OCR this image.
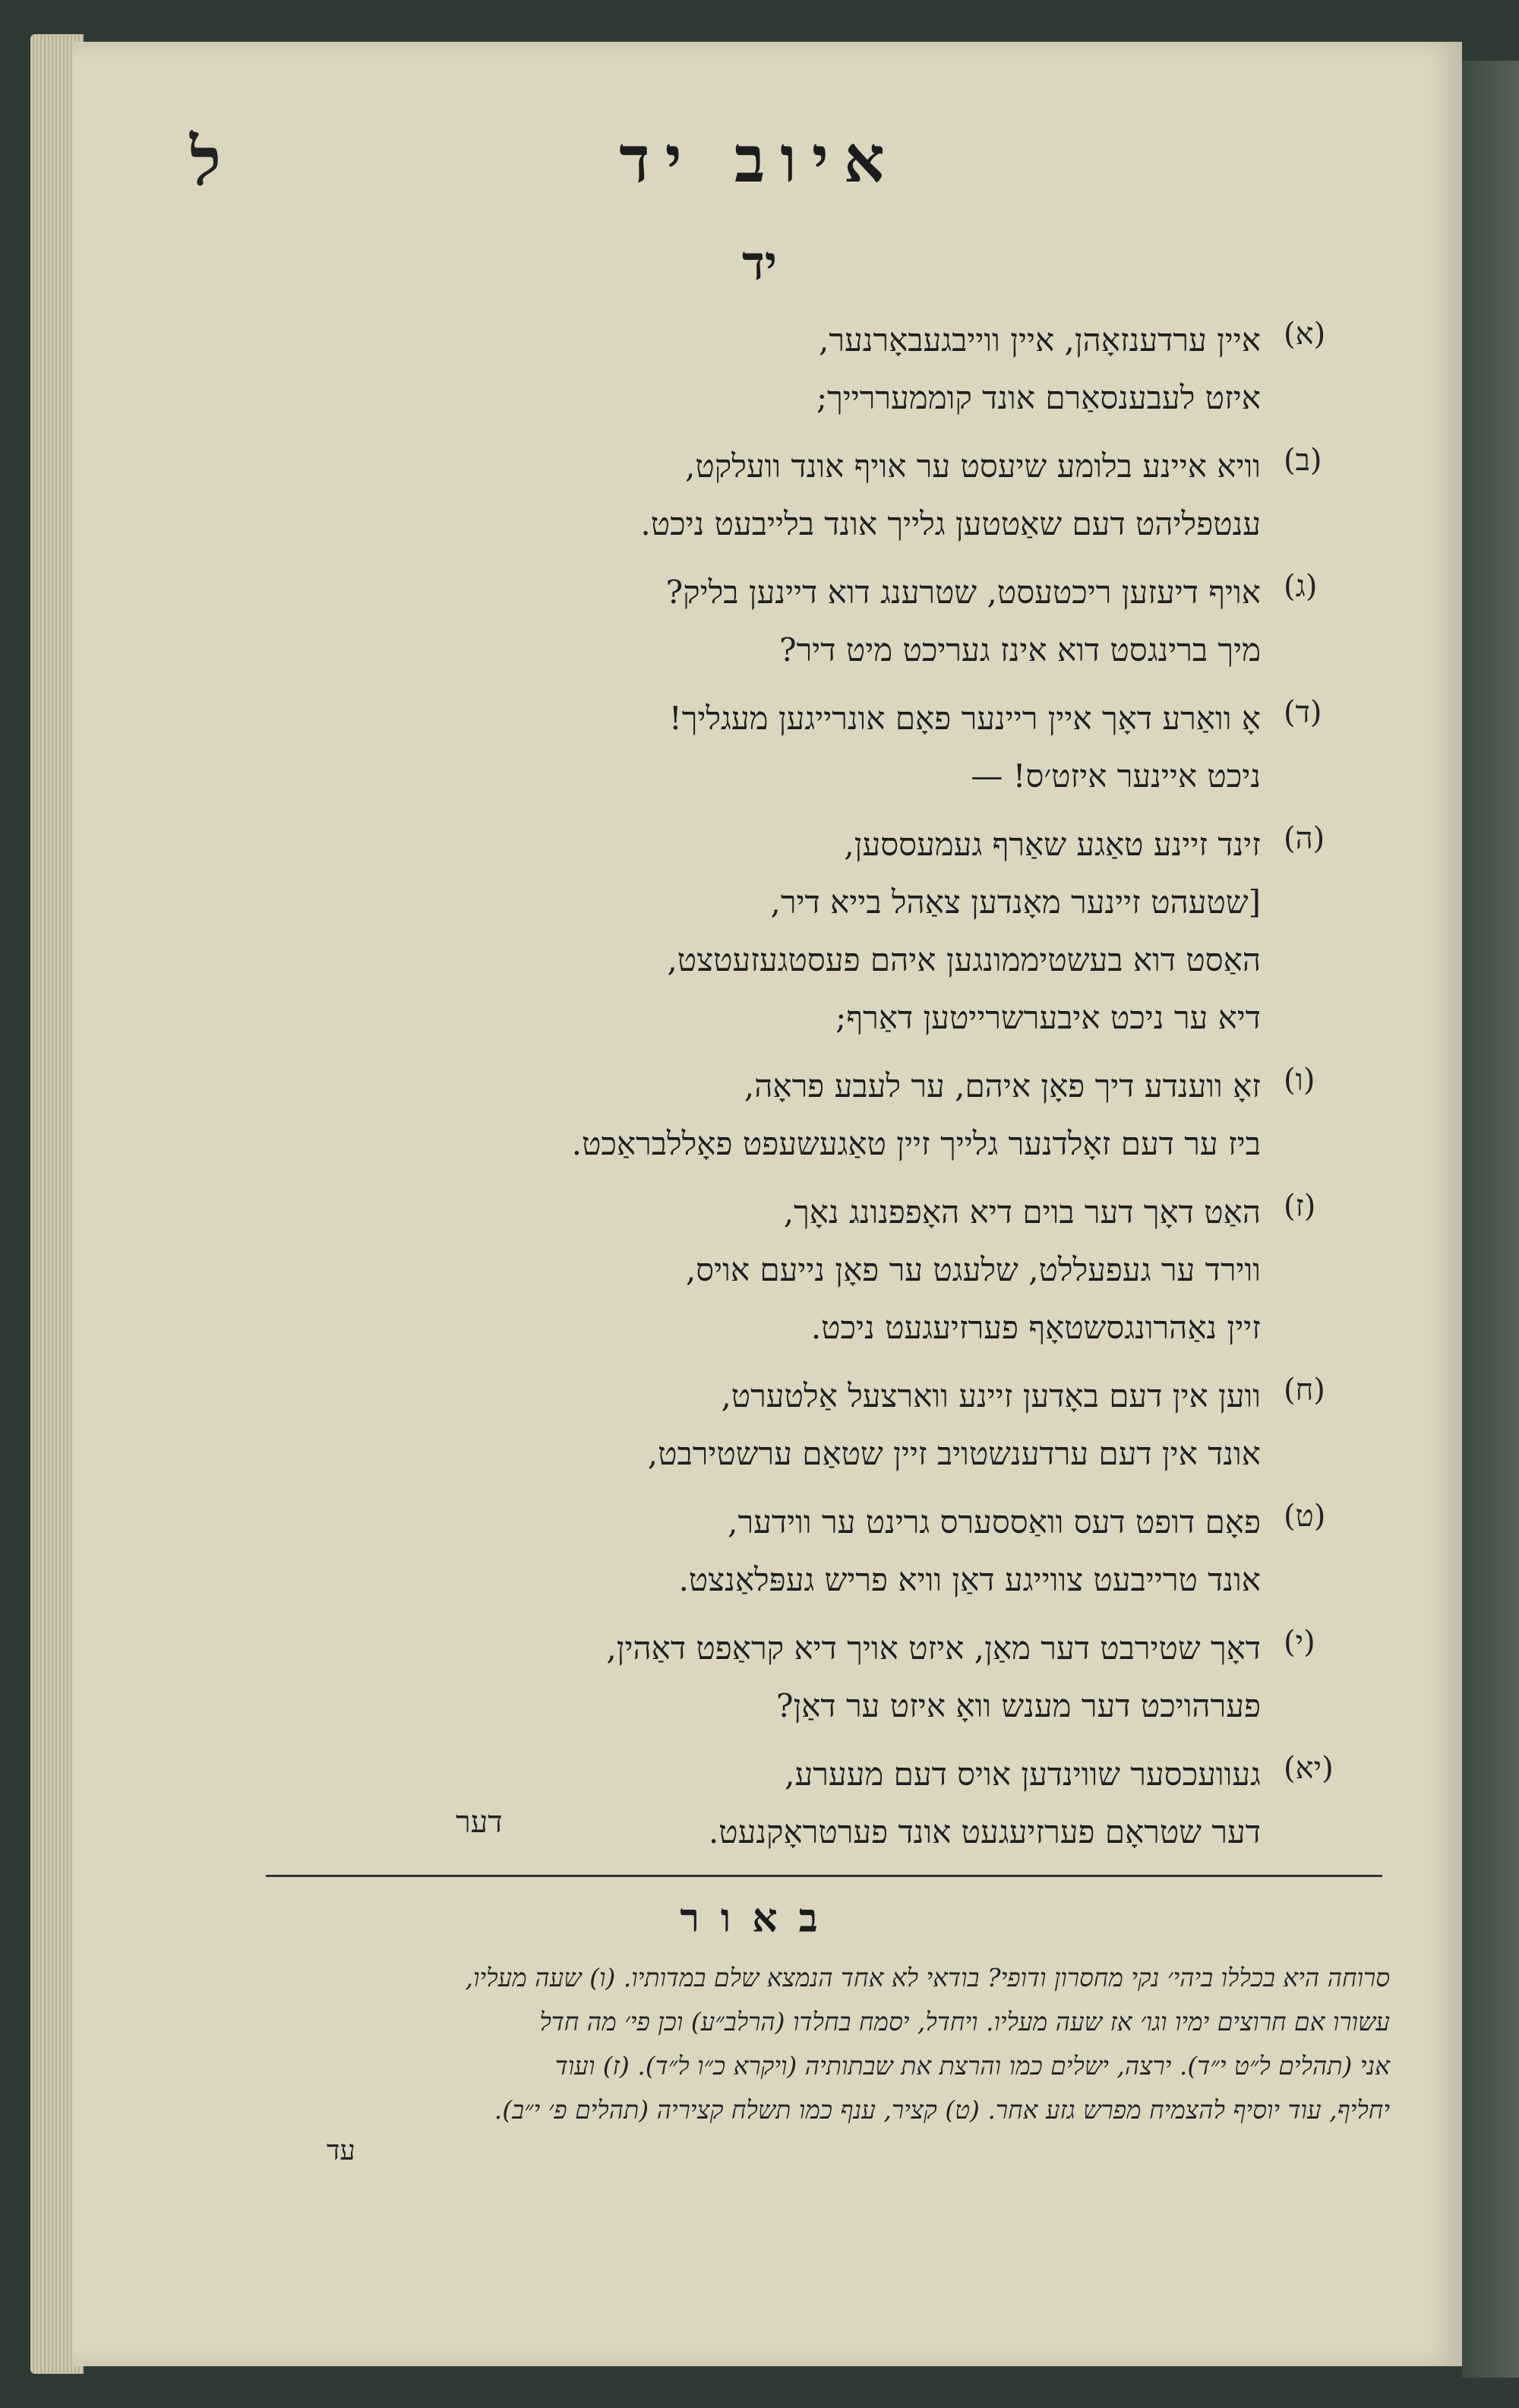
ל	איוב יד
יד
(א)
איין ערדענזאָהן, איין ווייבגעבאָרנער,
איזט לעבענסאַרם אונד קוממעררייך;
(ב)
וויא איינע בלומע שיעסט ער אויף אונד וועלקט,
ענטפליהט דעם שאַטטען גלייך אונד בלייבעט ניכט.
(ג)
אויף דיעזען ריכטעסט, שטרענג דוא דיינען בליק?
מיך ברינגסט דוא אינז געריכט מיט דיר?
(ד)
אָ וואַרע דאָך איין ריינער פאָם אונרייגען מעגליך!
ניכט איינער איזט׳ס! —
(ה)
זינד זיינע טאַגע שאַרף געמעססען,
[שטעהט זיינער מאָנדען צאַהל בייא דיר,
האַסט דוא בעשטיממונגען איהם פעסטגעזעטצט,
דיא ער ניכט איבערשרייטען דאַרף;
(ו)
זאָ ווענדע דיך פאָן איהם, ער לעבע פראָה,
ביז ער דעם זאָלדנער גלייך זיין טאַגעשעפט פאָללבראַכט.
(ז)
האַט דאָך דער בוים דיא האָפפנונג נאָך,
ווירד ער געפעללט, שלעגט ער פאָן נייעם אויס,
זיין נאַהרונגסשטאָף פערזיעגעט ניכט.
(ח)
ווען אין דעם באָדען זיינע ווארצעל אַלטערט,
אונד אין דעם ערדענשטויב זיין שטאַם ערשטירבט,
(ט)
פאָם דופט דעס וואַססערס גרינט ער ווידער,
אונד טרייבעט צווייגע דאַן וויא פריש געפּלאַנצט.
(י)
דאָך שטירבט דער מאַן, איזט אויך דיא קראַפט דאַהין,
פערהויכט דער מענש וואָ איזט ער דאַן?
(יא)
געוועכסער שווינדען אויס דעם מעערע,
דער שטראָם פערזיעגעט אונד פערטראָקנעט.
דער
באור
סרוחה היא בכללו ביהי׳ נקי מחסרון ודופי? בודאי לא אחד הנמצא שלם במדותיו. (ו) שעה מעליו,
עשורו אם חרוצים ימיו וגו׳ אז שעה מעליו. ויחדל, יסמח בחלדו (הרלב״ע) וכן פי׳ מה חדל
אני (תהלים ל״ט י״ד). ירצה, ישלים כמו והרצת את שבתותיה (ויקרא כ״ו ל״ד). (ז) ועוד
יחליף, עוד יוסיף להצמיח מפרש גזע אחר. (ט) קציר, ענף כמו תשלח קציריה (תהלים פ׳ י״ב).
עד
